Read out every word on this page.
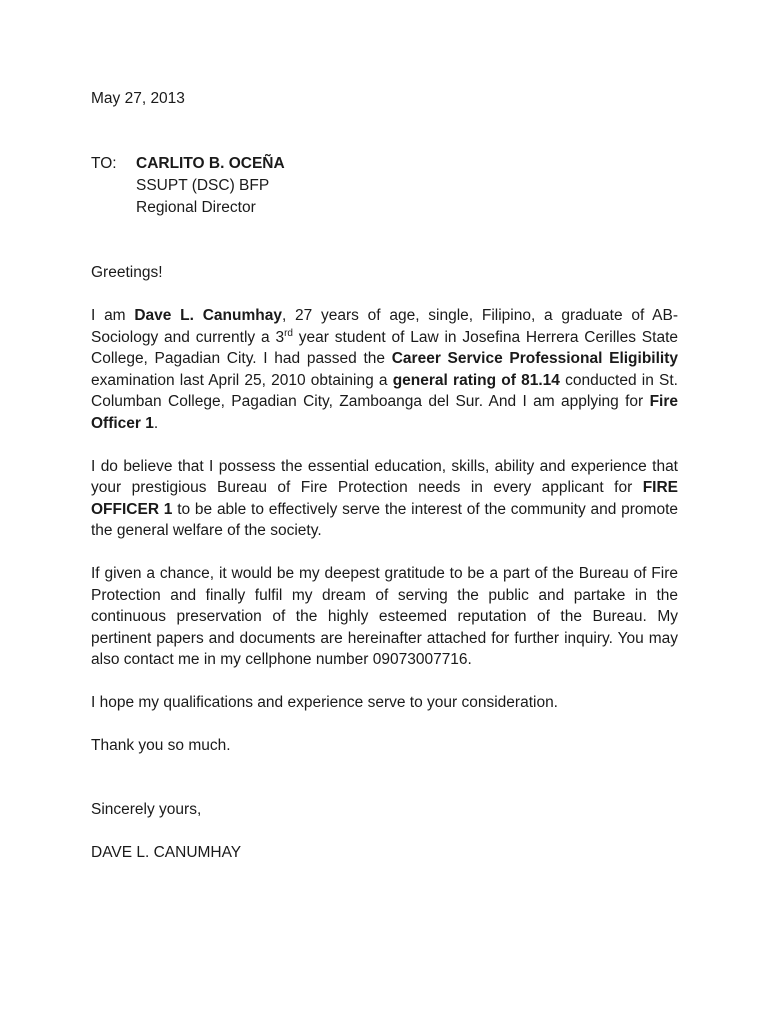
May 27, 2013
TO:	CARLITO B. OCEÑA
SSUPT (DSC) BFP
Regional Director
Greetings!

I am Dave L. Canumhay, 27 years of age, single, Filipino, a graduate of AB-Sociology and currently a 3rd year student of Law in Josefina Herrera Cerilles State College, Pagadian City. I had passed the Career Service Professional Eligibility examination last April 25, 2010 obtaining a general rating of 81.14 conducted in St. Columban College, Pagadian City, Zamboanga del Sur. And I am applying for Fire Officer 1.

I do believe that I possess the essential education, skills, ability and experience that your prestigious Bureau of Fire Protection needs in every applicant for FIRE OFFICER 1 to be able to effectively serve the interest of the community and promote the general welfare of the society.

If given a chance, it would be my deepest gratitude to be a part of the Bureau of Fire Protection and finally fulfil my dream of serving the public and partake in the continuous preservation of the highly esteemed reputation of the Bureau. My pertinent papers and documents are hereinafter attached for further inquiry. You may also contact me in my cellphone number 09073007716.

I hope my qualifications and experience serve to your consideration.

Thank you so much.

Sincerely yours,
DAVE L. CANUMHAY
